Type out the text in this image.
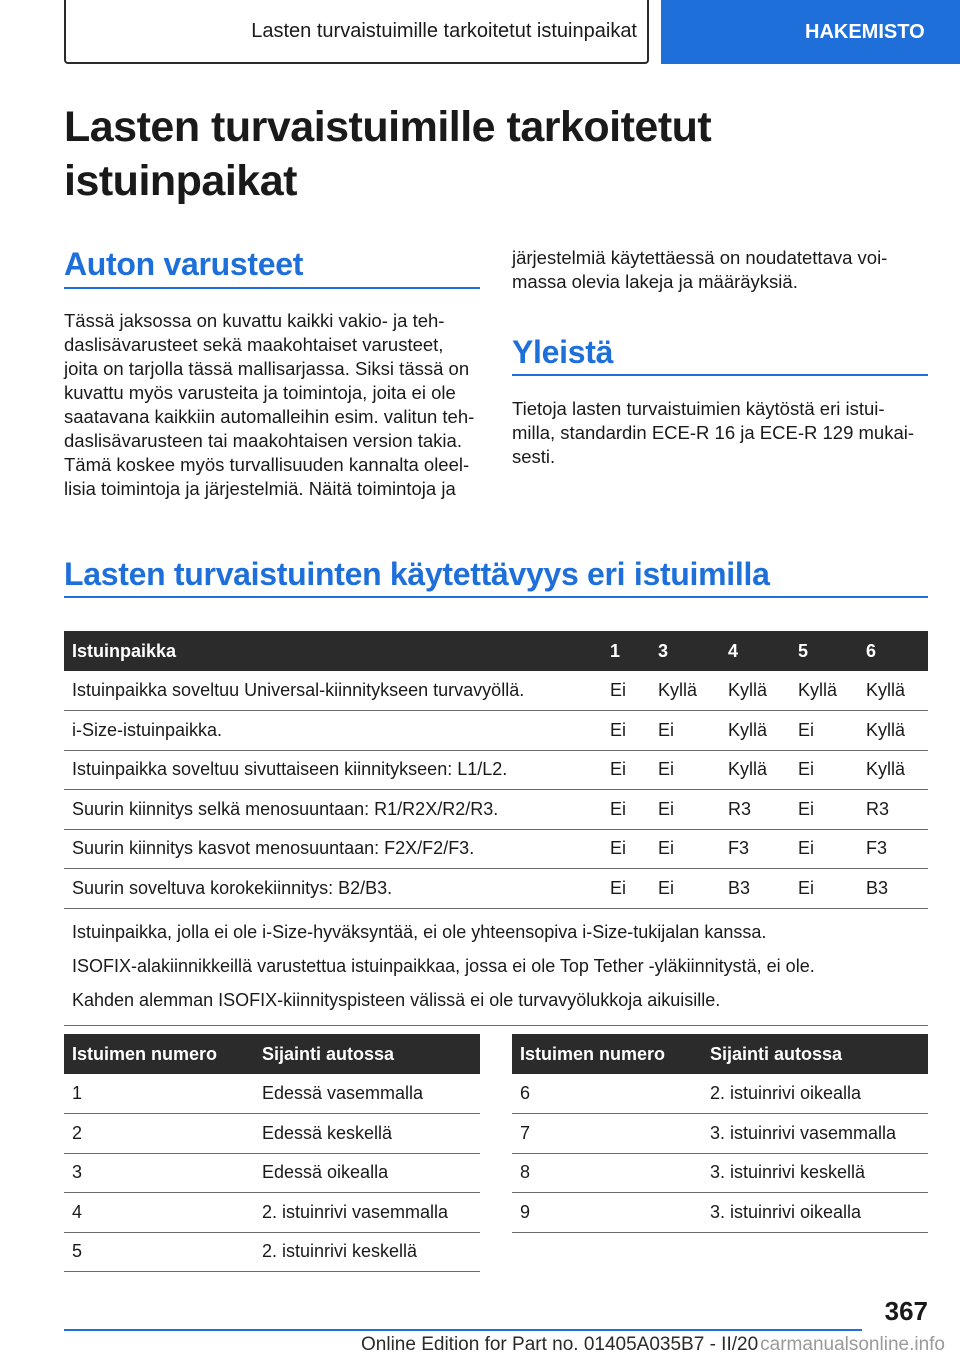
Lasten turvaistuimille tarkoitetut istuinpaikat	HAKEMISTO
Lasten turvaistuimille tarkoitetut
istuinpaikat
Auton varusteet
Tässä jaksossa on kuvattu kaikki vakio- ja teh-
daslisävarusteet sekä maakohtaiset varusteet,
joita on tarjolla tässä mallisarjassa. Siksi tässä on
kuvattu myös varusteita ja toimintoja, joita ei ole
saatavana kaikkiin automalleihin esim. valitun teh-
daslisävarusteen tai maakohtaisen version takia.
Tämä koskee myös turvallisuuden kannalta oleel-
lisia toimintoja ja järjestelmiä. Näitä toimintoja ja
järjestelmiä käytettäessä on noudatettava voi-
massa olevia lakeja ja määräyksiä.
Yleistä
Tietoja lasten turvaistuimien käytöstä eri istui-
milla, standardin ECE-R 16 ja ECE-R 129 mukai-
sesti.
Lasten turvaistuinten käytettävyys eri istuimilla
Istuinpaikka	1	3	4	5	6
Istuinpaikka soveltuu Universal-kiinnitykseen turvavyöllä.	Ei	Kyllä	Kyllä	Kyllä	Kyllä
i-Size-istuinpaikka.	Ei	Ei	Kyllä	Ei	Kyllä
Istuinpaikka soveltuu sivuttaiseen kiinnitykseen: L1/L2.	Ei	Ei	Kyllä	Ei	Kyllä
Suurin kiinnitys selkä menosuuntaan: R1/R2X/R2/R3.	Ei	Ei	R3	Ei	R3
Suurin kiinnitys kasvot menosuuntaan: F2X/F2/F3.	Ei	Ei	F3	Ei	F3
Suurin soveltuva korokekiinnitys: B2/B3.	Ei	Ei	B3	Ei	B3

Istuinpaikka, jolla ei ole i-Size-hyväksyntää, ei ole yhteensopiva i-Size-tukijalan kanssa.
ISOFIX-alakiinnikkeillä varustettua istuinpaikkaa, jossa ei ole Top Tether -yläkiinnitystä, ei ole.
Kahden alemman ISOFIX-kiinnityspisteen välissä ei ole turvavyölukkoja aikuisille.					
Istuimen numero	Sijainti autossa
1	Edessä vasemmalla
2	Edessä keskellä
3	Edessä oikealla
4	2. istuinrivi vasemmalla
5	2. istuinrivi keskellä
Istuimen numero	Sijainti autossa
6	2. istuinrivi oikealla
7	3. istuinrivi vasemmalla
8	3. istuinrivi keskellä
9	3. istuinrivi oikealla
367
Online Edition for Part no. 01405A035B7 - II/20 carmanualsonline.info
